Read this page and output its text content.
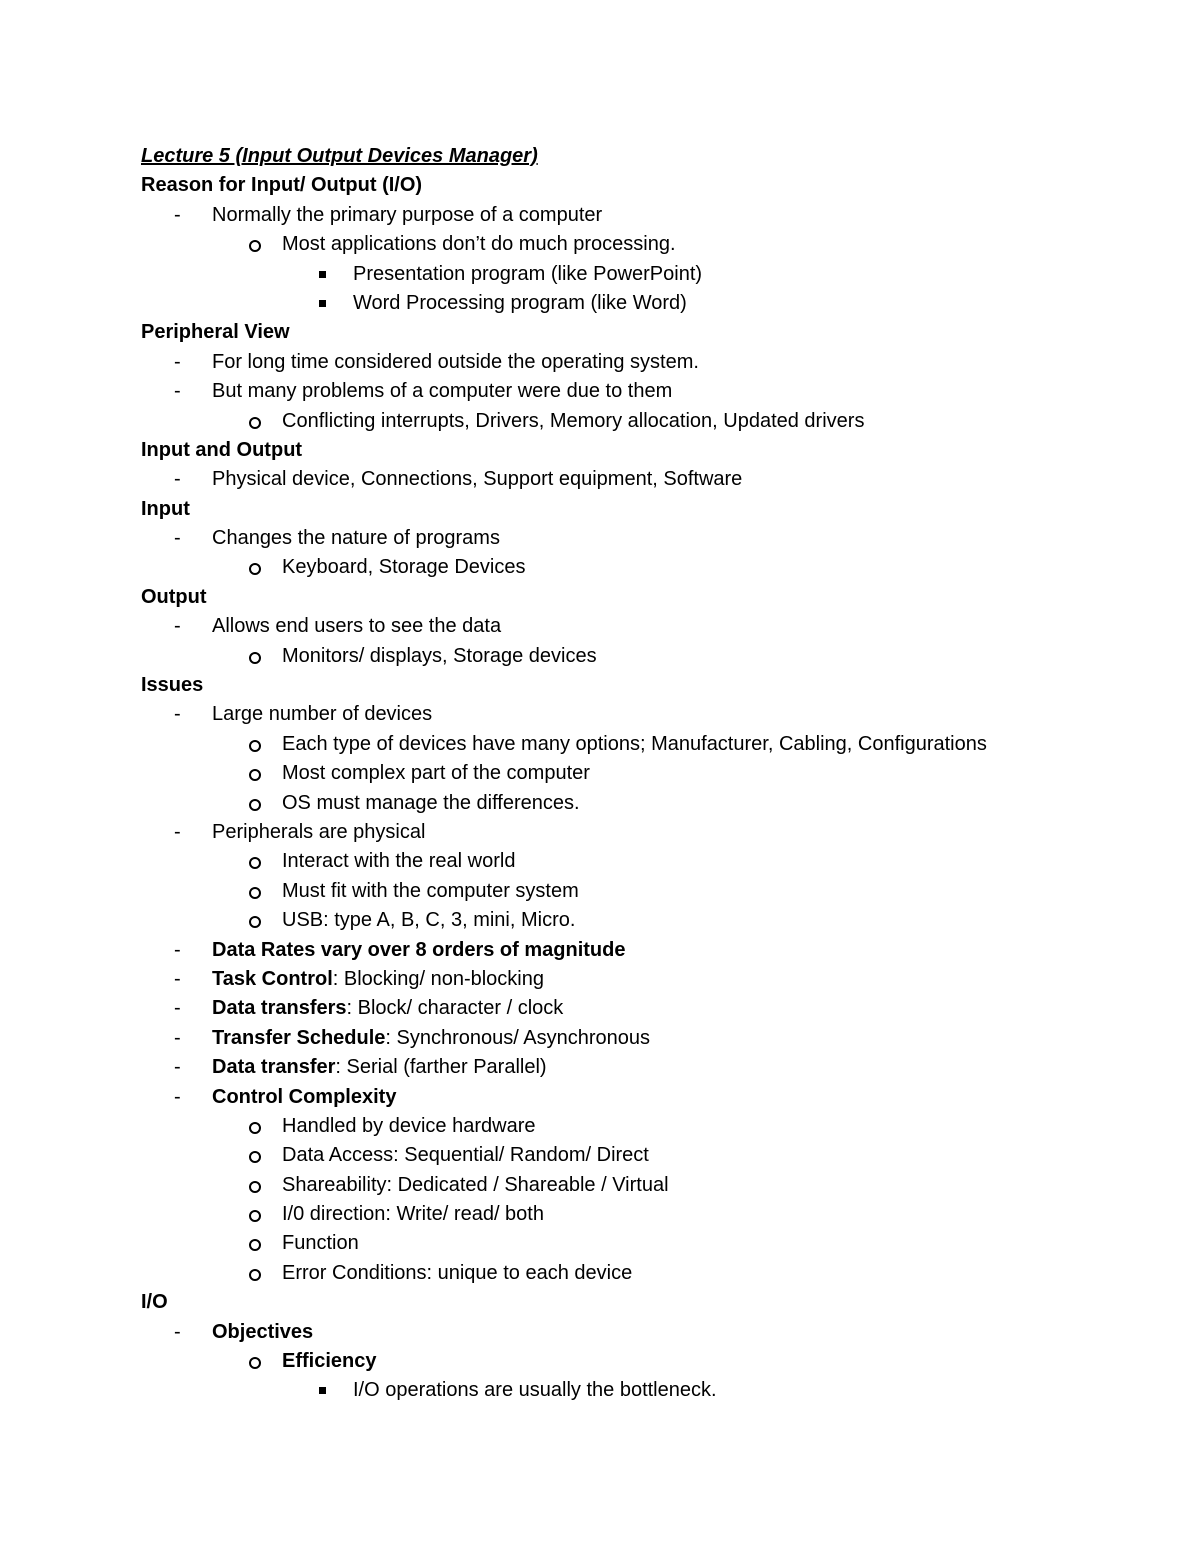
Lecture 5 (Input Output Devices Manager)
Reason for Input/ Output (I/O)
- Normally the primary purpose of a computer
Most applications don’t do much processing.
Presentation program (like PowerPoint)
Word Processing program (like Word)
Peripheral View
- For long time considered outside the operating system.
- But many problems of a computer were due to them
Conflicting interrupts, Drivers, Memory allocation, Updated drivers
Input and Output
- Physical device, Connections, Support equipment, Software
Input
- Changes the nature of programs
Keyboard, Storage Devices
Output
- Allows end users to see the data
Monitors/ displays, Storage devices
Issues
- Large number of devices
Each type of devices have many options; Manufacturer, Cabling, Configurations
Most complex part of the computer
OS must manage the differences.
- Peripherals are physical
Interact with the real world
Must fit with the computer system
USB: type A, B, C, 3, mini, Micro.
- Data Rates vary over 8 orders of magnitude
- Task Control: Blocking/ non-blocking
- Data transfers: Block/ character / clock
- Transfer Schedule: Synchronous/ Asynchronous
- Data transfer: Serial (farther Parallel)
- Control Complexity
Handled by device hardware
Data Access: Sequential/ Random/ Direct
Shareability: Dedicated / Shareable / Virtual
I/0 direction: Write/ read/ both
Function
Error Conditions: unique to each device
I/O
- Objectives
Efficiency
I/O operations are usually the bottleneck.
